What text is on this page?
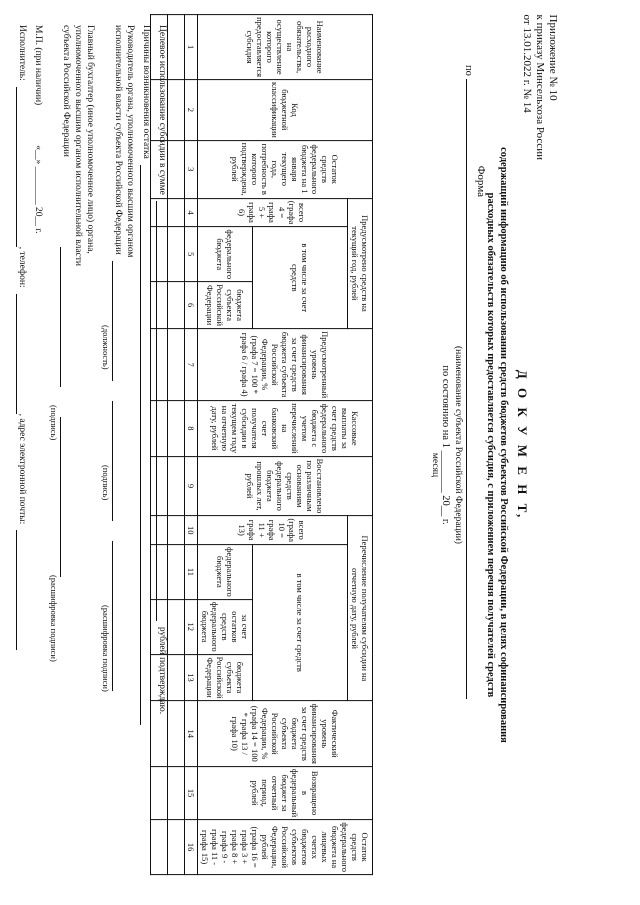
Приложение № 10
к приказу Минсельхоза России
от 13.01.2022 г. № 14
Форма
Д О К У М Е Н Т,
содержащий информацию об использовании средств бюджетов субъектов Российской Федерации, в целях софинансирования
расходных обязательств которых предоставляется субсидия, с приложением перечня получателей средств
по
(наименование субъекта Российской Федерации)
по состоянию на 1 ________ 20__ г.
месяц
Наименование расходного обязательства, на осуществление которого предоставляется субсидия	Код бюджетной классификации	Остаток средств федерального бюджета на 1 января текущего года, потребность в которого подтверждена, рублей	Предусмотрено средств на текущий год, рублей			Предусмотренный уровень финансирования за счет средств бюджета субъекта Российской Федерации, % (графа 7 = 100 * графа 6 / графа 4)	Кассовые выплаты за счет средств федерального бюджета с учетом перечислений на банковский счет получателя субсидии в текущем году на отчетную дату, рублей	Восстановлено по различным основаниям средств федерального бюджета прошлых лет, рублей	Перечисление получателям субсидии на отчетную дату, рублей				Фактический уровень финансирования за счет средств бюджета субъекта Российской Федерации, % (графа 14 = 100 * графа 13 / графа 10)	Возвращено в федеральный бюджет за отчетный период, рублей	Остаток средств федерального бюджета на лицевых счетах бюджетов субъектов Российской Федерации, рублей (графа 16 = графа 3 + графа 8 + графа 9 - графа 11 - графа 15)
			всего (графа 4 = графа 5 + графа 6)	в том числе за счет средств					всего (графа 10 = графа 11 + графа 13)	в том числе за счет средств					
				федерального бюджета	бюджета субъекта Российской Федерации					федерального бюджета	за счет остатков средств федерального бюджета	бюджета субъекта Российской Федерации			
1	2	3	4	5	6	7	8	9	10	11	12	13	14	15	16

Целевое использование субсидии в сумме
рублей подтверждаю.
Причины возникновения остатка
Руководитель органа, уполномоченного высшим органом
исполнительной власти субъекта Российской Федерации
(должность)
(подпись)
(расшифровка подписи)
Главный бухгалтер (иное уполномоченное лицо) органа,
уполномоченного высшим органом исполнительной власти
субъекта Российской Федерации
(подпись)
(расшифровка подписи)
М.П. (при наличии)
«__» ________ 20__ г.
Исполнитель:
, телефон:
, адрес электронной почты:
